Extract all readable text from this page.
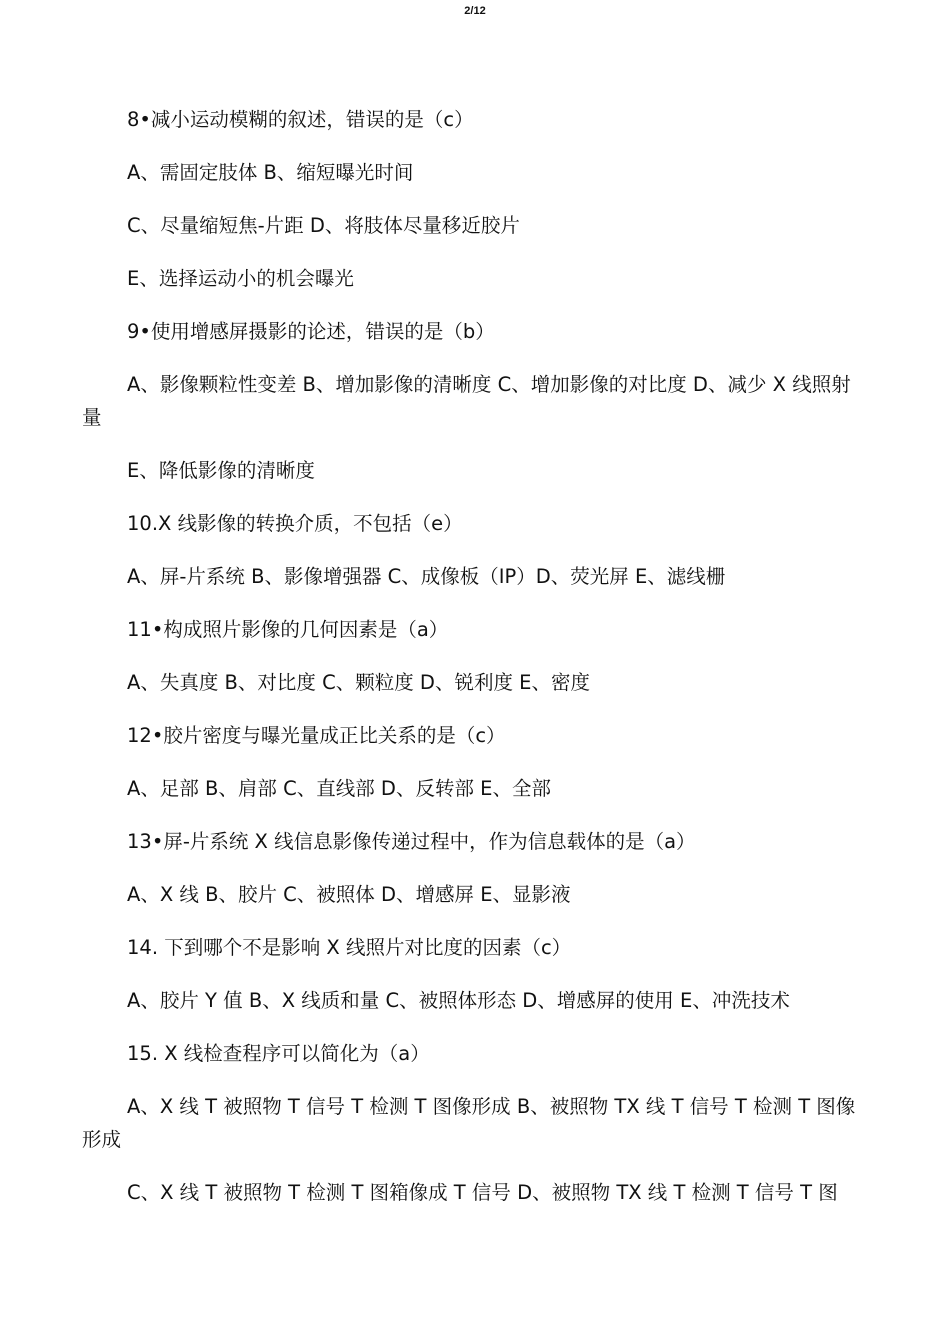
2/12

8•减小运动模糊的叙述，错误的是（c）

A、需固定肢体 B、缩短曝光时间

C、尽量缩短焦-片距 D、将肢体尽量移近胶片

E、选择运动小的机会曝光

9•使用增感屏摄影的论述，错误的是（b）

A、影像颗粒性变差 B、增加影像的清晰度 C、增加影像的对比度 D、减少 X 线照射量

E、降低影像的清晰度

10.X 线影像的转换介质，不包括（e）

A、屏-片系统 B、影像增强器 C、成像板（IP）D、荧光屏 E、滤线栅

11•构成照片影像的几何因素是（a）

A、失真度 B、对比度 C、颗粒度 D、锐利度 E、密度

12•胶片密度与曝光量成正比关系的是（c）

A、足部 B、肩部 C、直线部 D、反转部 E、全部

13•屏-片系统 X 线信息影像传递过程中，作为信息载体的是（a）

A、X 线 B、胶片 C、被照体 D、增感屏 E、显影液

14. 下到哪个不是影响 X 线照片对比度的因素（c）

A、胶片 Y 值 B、X 线质和量 C、被照体形态 D、增感屏的使用 E、冲洗技术

15. X 线检查程序可以简化为（a）

A、X 线 T 被照物 T 信号 T 检测 T 图像形成 B、被照物 TX 线 T 信号 T 检测 T 图像形成

C、X 线 T 被照物 T 检测 T 图箱像成 T 信号 D、被照物 TX 线 T 检测 T 信号 T 图
